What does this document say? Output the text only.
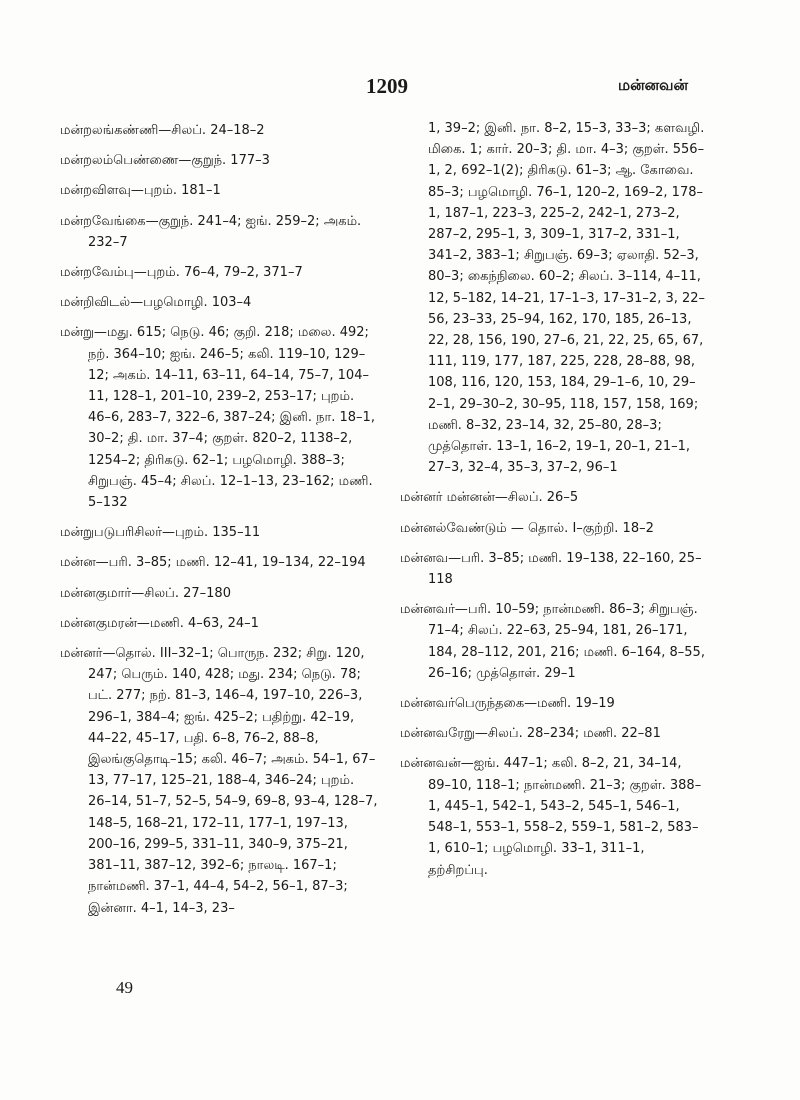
1209	மன்னவன்
மன்றலங்கண்ணி—சிலப். 24–18–2
மன்றலம்பெண்ணை—குறுந். 177–3
மன்றவிளவு—புறம். 181–1
மன்றவேங்கை—குறுந். 241–4; ஐங். 259–2; அகம். 232–7
மன்றவேம்பு—புறம். 76–4, 79–2, 371–7
மன்றிவிடல்—பழமொழி. 103–4
மன்று—மது. 615; நெடு. 46; குறி. 218; மலை. 492; நற். 364–10; ஐங். 246–5; கலி. 119–10, 129–12; அகம். 14–11, 63–11, 64–14, 75–7, 104–11, 128–1, 201–10, 239–2, 253–17; புறம். 46–6, 283–7, 322–6, 387–24; இனி. நா. 18–1, 30–2; தி. மா. 37–4; குறள். 820–2, 1138–2, 1254–2; திரிகடு. 62–1; பழமொழி. 388–3; சிறுபஞ். 45–4; சிலப். 12–1–13, 23–162; மணி. 5–132
மன்றுபடுபரிசிலர்—புறம். 135–11
மன்ன—பரி. 3–85; மணி. 12–41, 19–134, 22–194
மன்னகுமார்—சிலப். 27–180
மன்னகுமரன்—மணி. 4–63, 24–1
மன்னர்—தொல். III–32–1; பொருந. 232; சிறு. 120, 247; பெரும். 140, 428; மது. 234; நெடு. 78; பட். 277; நற். 81–3, 146–4, 197–10, 226–3, 296–1, 384–4; ஐங். 425–2; பதிற்று. 42–19, 44–22, 45–17, பதி. 6–8, 76–2, 88–8, இலங்குதொடி–15; கலி. 46–7; அகம். 54–1, 67–13, 77–17, 125–21, 188–4, 346–24; புறம். 26–14, 51–7, 52–5, 54–9, 69–8, 93–4, 128–7, 148–5, 168–21, 172–11, 177–1, 197–13, 200–16, 299–5, 331–11, 340–9, 375–21, 381–11, 387–12, 392–6; நாலடி. 167–1; நான்மணி. 37–1, 44–4, 54–2, 56–1, 87–3; இன்னா. 4–1, 14–3, 23–
1, 39–2; இனி. நா. 8–2, 15–3, 33–3; களவழி. மிகை. 1; கார். 20–3; தி. மா. 4–3; குறள். 556–1, 2, 692–1(2); திரிகடு. 61–3; ஆ. கோவை. 85–3; பழமொழி. 76–1, 120–2, 169–2, 178–1, 187–1, 223–3, 225–2, 242–1, 273–2, 287–2, 295–1, 3, 309–1, 317–2, 331–1, 341–2, 383–1; சிறுபஞ். 69–3; ஏலாதி. 52–3, 80–3; கைந்நிலை. 60–2; சிலப். 3–114, 4–11, 12, 5–182, 14–21, 17–1–3, 17–31–2, 3, 22–56, 23–33, 25–94, 162, 170, 185, 26–13, 22, 28, 156, 190, 27–6, 21, 22, 25, 65, 67, 111, 119, 177, 187, 225, 228, 28–88, 98, 108, 116, 120, 153, 184, 29–1–6, 10, 29–2–1, 29–30–2, 30–95, 118, 157, 158, 169; மணி. 8–32, 23–14, 32, 25–80, 28–3; முத்தொள். 13–1, 16–2, 19–1, 20–1, 21–1, 27–3, 32–4, 35–3, 37–2, 96–1
மன்னர் மன்னன்—சிலப். 26–5
மன்னல்வேண்டும் — தொல். I–குற்றி. 18–2
மன்னவ—பரி. 3–85; மணி. 19–138, 22–160, 25–118
மன்னவர்—பரி. 10–59; நான்மணி. 86–3; சிறுபஞ். 71–4; சிலப். 22–63, 25–94, 181, 26–171, 184, 28–112, 201, 216; மணி. 6–164, 8–55, 26–16; முத்தொள். 29–1
மன்னவர்பெருந்தகை—மணி. 19–19
மன்னவரேறு—சிலப். 28–234; மணி. 22–81
மன்னவன்—ஐங். 447–1; கலி. 8–2, 21, 34–14, 89–10, 118–1; நான்மணி. 21–3; குறள். 388–1, 445–1, 542–1, 543–2, 545–1, 546–1, 548–1, 553–1, 558–2, 559–1, 581–2, 583–1, 610–1; பழமொழி. 33–1, 311–1, தற்சிறப்பு.
49
